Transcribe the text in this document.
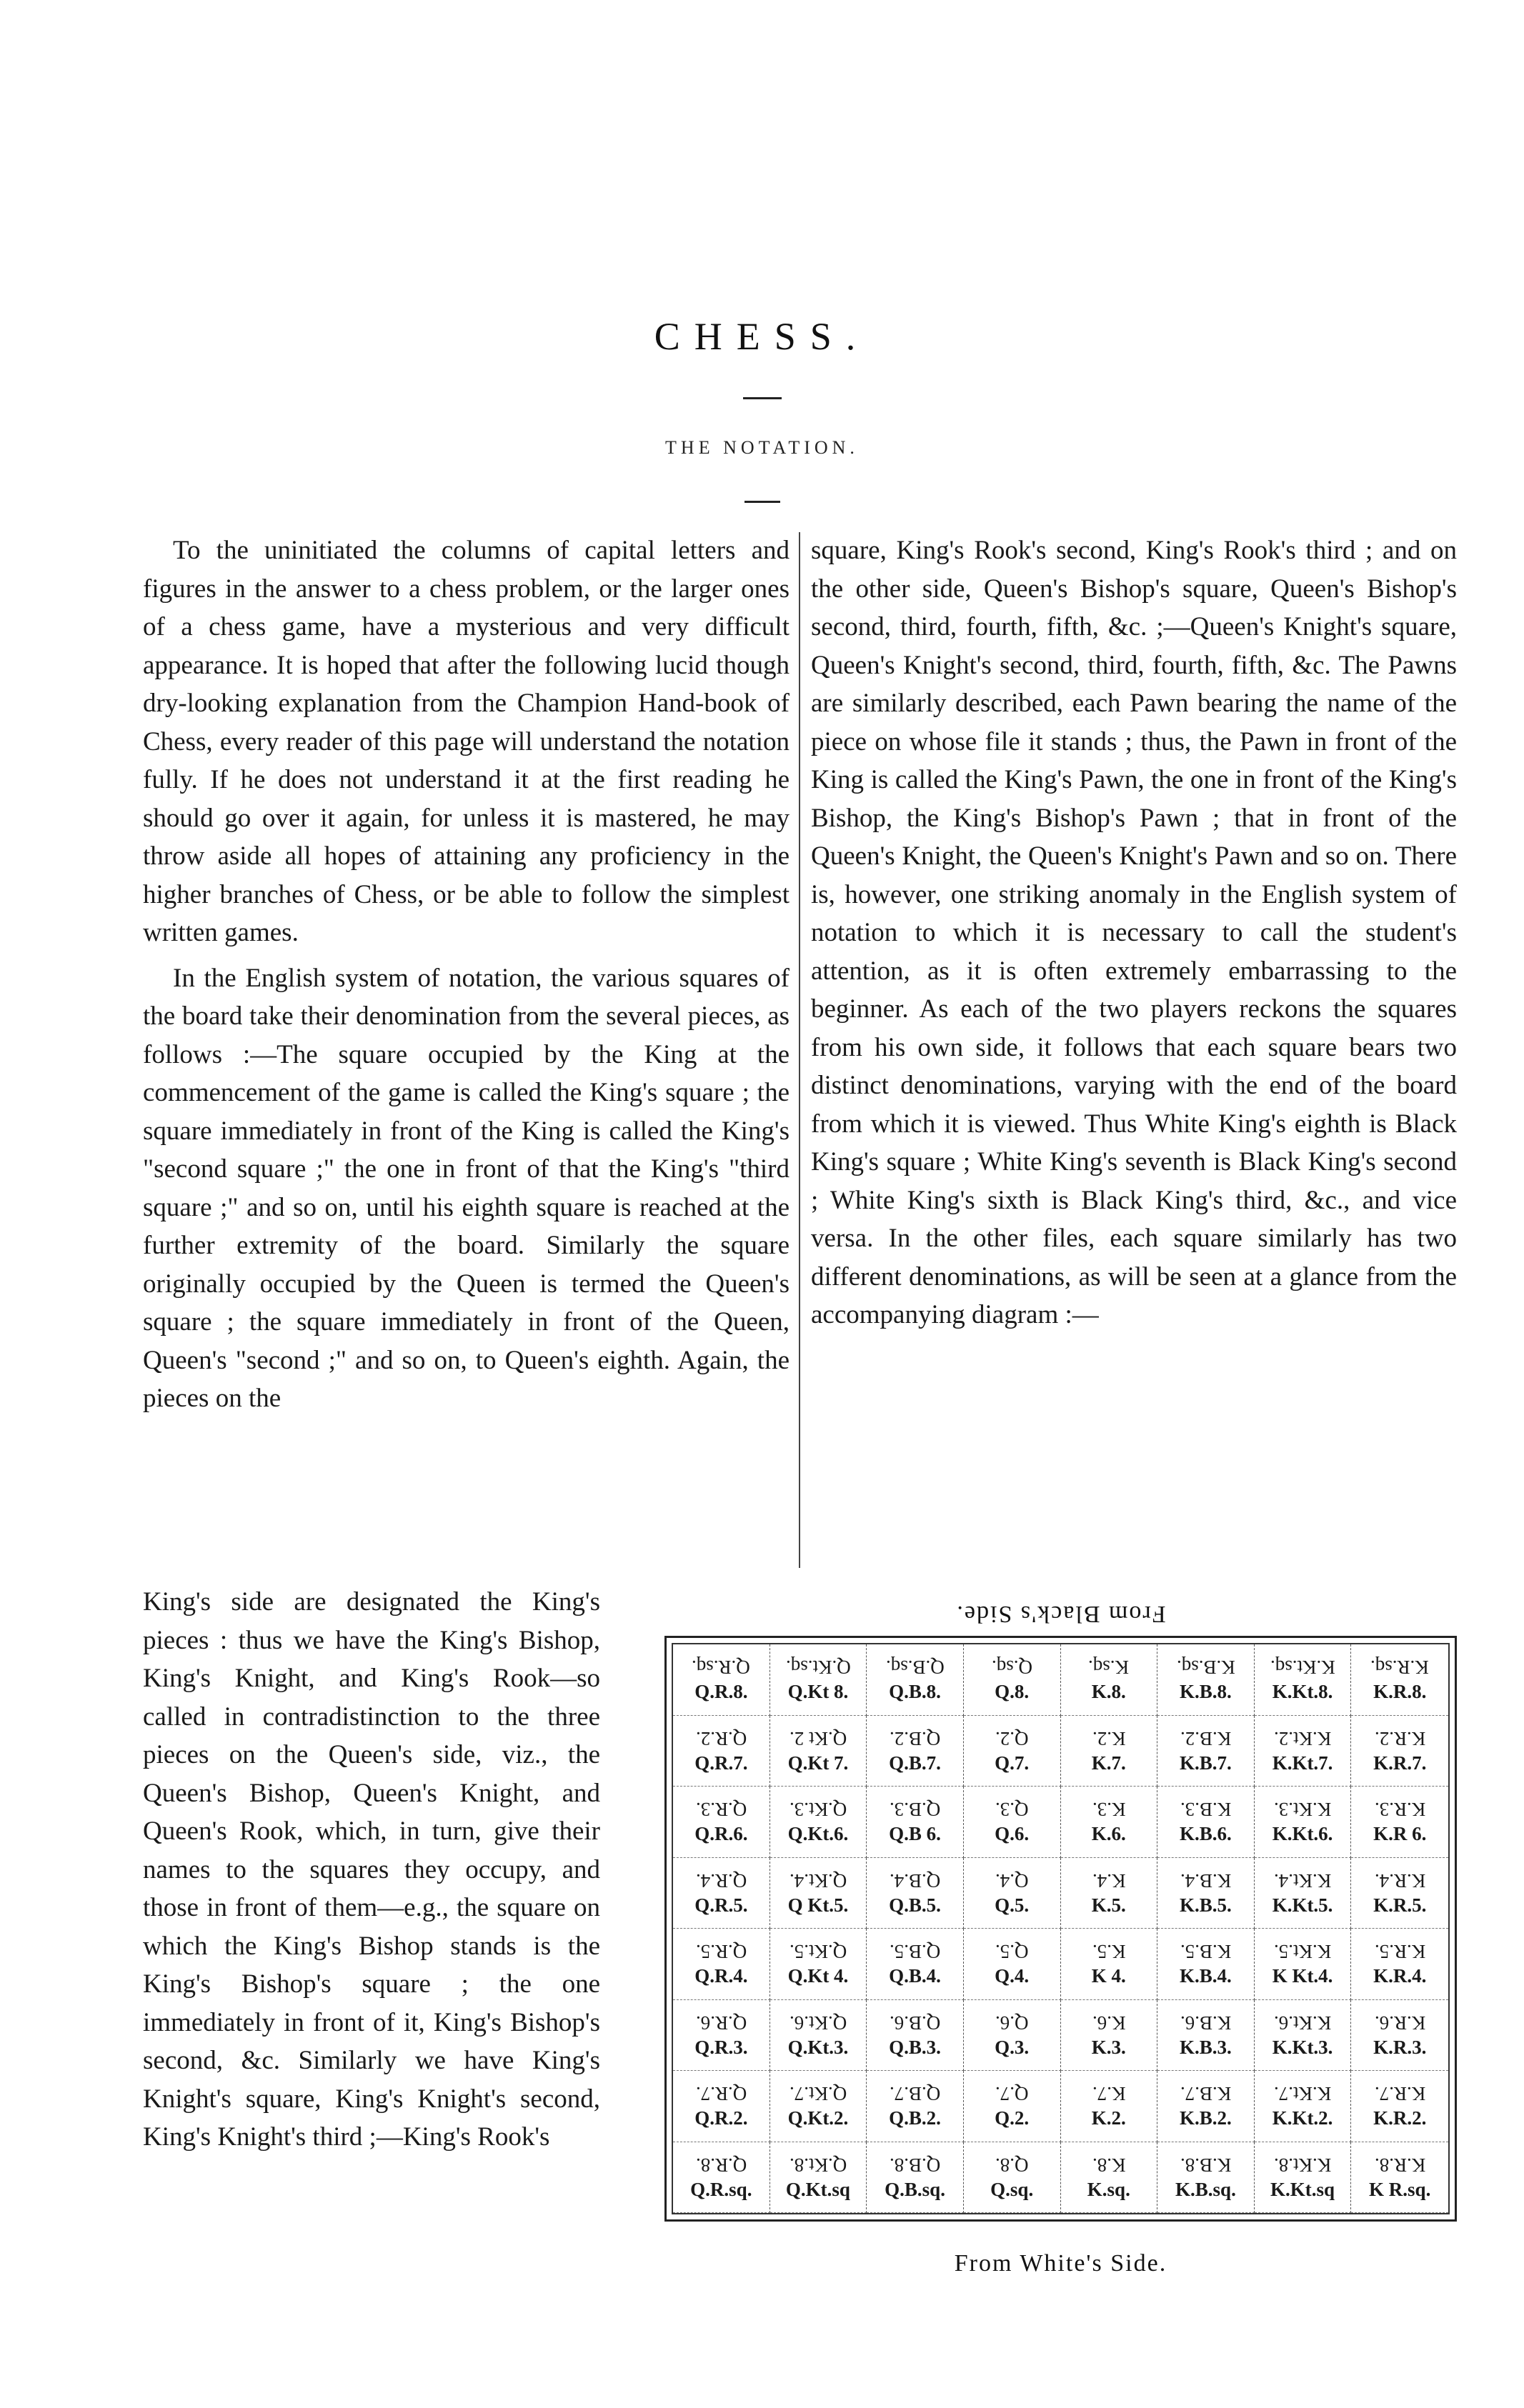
CHESS.
THE NOTATION.

To the uninitiated the columns of capital letters and figures in the answer to a chess problem, or the larger ones of a chess game, have a mysterious and very difficult appearance. It is hoped that after the following lucid though dry-looking explanation from the Champion Hand-book of Chess, every reader of this page will understand the notation fully. If he does not understand it at the first reading he should go over it again, for unless it is mastered, he may throw aside all hopes of attaining any proficiency in the higher branches of Chess, or be able to follow the simplest written games.

In the English system of notation, the various squares of the board take their denomination from the several pieces, as follows :—The square occupied by the King at the commencement of the game is called the King's square ; the square immediately in front of the King is called the King's "second square ;" the one in front of that the King's "third square ;" and so on, until his eighth square is reached at the further extremity of the board. Similarly the square originally occupied by the Queen is termed the Queen's square ; the square immediately in front of the Queen, Queen's "second ;" and so on, to Queen's eighth. Again, the pieces on the

square, King's Rook's second, King's Rook's third ; and on the other side, Queen's Bishop's square, Queen's Bishop's second, third, fourth, fifth, &c. ;—Queen's Knight's square, Queen's Knight's second, third, fourth, fifth, &c. The Pawns are similarly described, each Pawn bearing the name of the piece on whose file it stands ; thus, the Pawn in front of the King is called the King's Pawn, the one in front of the King's Bishop, the King's Bishop's Pawn ; that in front of the Queen's Knight, the Queen's Knight's Pawn and so on. There is, however, one striking anomaly in the English system of notation to which it is necessary to call the student's attention, as it is often extremely embarrassing to the beginner. As each of the two players reckons the squares from his own side, it follows that each square bears two distinct denominations, varying with the end of the board from which it is viewed. Thus White King's eighth is Black King's square ; White King's seventh is Black King's second ; White King's sixth is Black King's third, &c., and vice versa. In the other files, each square similarly has two different denominations, as will be seen at a glance from the accompanying diagram :—

King's side are designated the King's pieces : thus we have the King's Bishop, King's Knight, and King's Rook—so called in contradistinction to the three pieces on the Queen's side, viz., the Queen's Bishop, Queen's Knight, and Queen's Rook, which, in turn, give their names to the squares they occupy, and those in front of them—e.g., the square on which the King's Bishop stands is the King's Bishop's square ; the one immediately in front of it, King's Bishop's second, &c. Similarly we have King's Knight's square, King's Knight's second, King's Knight's third ;—King's Rook's

From Black's Side.
Q.R.sq.
Q.R.8.
Q.Kt.sq.
Q.Kt 8.
Q.B.sq.
Q.B.8.
Q.sq.
Q.8.
K.sq.
K.8.
K.B.sq.
K.B.8.
K.Kt.sq.
K.Kt.8.
K.R.sq.
K.R.8.
Q.R.2.
Q.R.7.
Q.Kt 2.
Q.Kt 7.
Q.B.2.
Q.B.7.
Q.2.
Q.7.
K.2.
K.7.
K.B.2.
K.B.7.
K.Kt.2.
K.Kt.7.
K.R.2.
K.R.7.
Q.R.3.
Q.R.6.
Q.Kt.3.
Q.Kt.6.
Q.B.3.
Q.B 6.
Q.3.
Q.6.
K.3.
K.6.
K.B.3.
K.B.6.
K.Kt.3.
K.Kt.6.
K.R.3.
K.R 6.
Q.R.4.
Q.R.5.
Q.Kt.4.
Q Kt.5.
Q.B.4.
Q.B.5.
Q.4.
Q.5.
K.4.
K.5.
K.B.4.
K.B.5.
K.Kt.4.
K.Kt.5.
K.R.4.
K.R.5.
Q.R.5.
Q.R.4.
Q.Kt.5.
Q.Kt 4.
Q.B.5.
Q.B.4.
Q.5.
Q.4.
K.5.
K 4.
K.B.5.
K.B.4.
K.Kt.5.
K Kt.4.
K.R.5.
K.R.4.
Q.R.6.
Q.R.3.
Q.Kt.6.
Q.Kt.3.
Q.B.6.
Q.B.3.
Q.6.
Q.3.
K.6.
K.3.
K.B.6.
K.B.3.
K.Kt.6.
K.Kt.3.
K.R.6.
K.R.3.
Q.R.7.
Q.R.2.
Q.Kt.7.
Q.Kt.2.
Q.B.7.
Q.B.2.
Q.7.
Q.2.
K.7.
K.2.
K.B.7.
K.B.2.
K.Kt.7.
K.Kt.2.
K.R.7.
K.R.2.
Q.R.8.
Q.R.sq.
Q.Kt.8.
Q.Kt.sq
Q.B.8.
Q.B.sq.
Q.8.
Q.sq.
K.8.
K.sq.
K.B.8.
K.B.sq.
K.Kt.8.
K.Kt.sq
K.R.8.
K R.sq.
From White's Side.
